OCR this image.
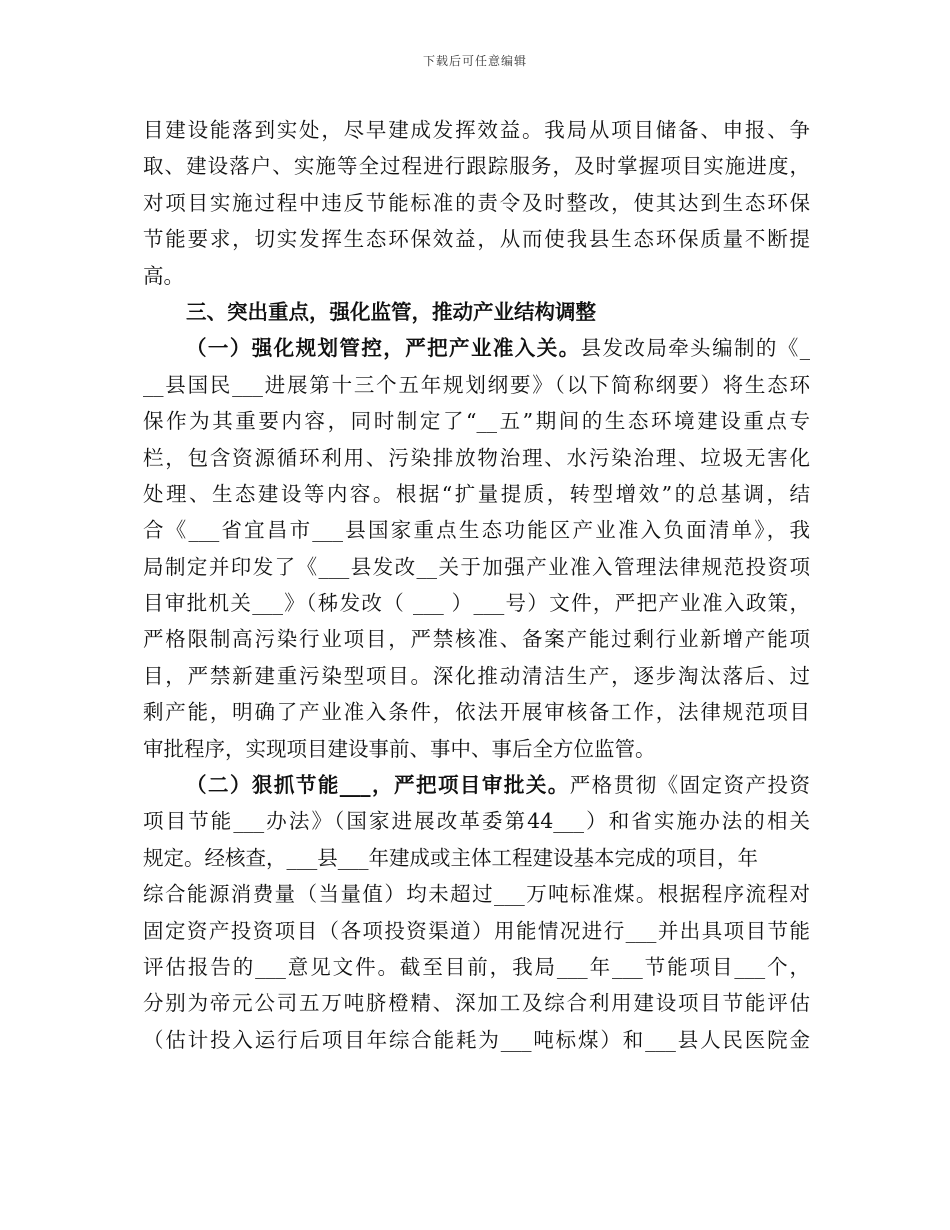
下载后可任意编辑
目建设能落到实处，尽早建成发挥效益。我局从项目储备、申报、争
取、建设落户、实施等全过程进行跟踪服务，及时掌握项目实施进度，
对项目实施过程中违反节能标准的责令及时整改，使其达到生态环保
节能要求，切实发挥生态环保效益，从而使我县生态环保质量不断提
高。
三、突出重点，强化监管，推动产业结构调整
（一）强化规划管控，严把产业准入关。县发改局牵头编制的《_
__县国民___进展第十三个五年规划纲要》（以下简称纲要）将生态环
保作为其重要内容，同时制定了“__五”期间的生态环境建设重点专
栏，包含资源循环利用、污染排放物治理、水污染治理、垃圾无害化
处理、生态建设等内容。根据“扩量提质，转型增效”的总基调，结
合《___省宜昌市___县国家重点生态功能区产业准入负面清单》，我
局制定并印发了《___县发改__关于加强产业准入管理法律规范投资项
目审批机关___》（秭发改（ ___ ）___号）文件，严把产业准入政策，
严格限制高污染行业项目，严禁核准、备案产能过剩行业新增产能项
目，严禁新建重污染型项目。深化推动清洁生产，逐步淘汰落后、过
剩产能，明确了产业准入条件，依法开展审核备工作，法律规范项目
审批程序，实现项目建设事前、事中、事后全方位监管。
（二）狠抓节能___，严把项目审批关。严格贯彻《固定资产投资
项目节能___办法》（国家进展改革委第44___）和省实施办法的相关
规定。经核查，___县___年建成或主体工程建设基本完成的项目，年
综合能源消费量（当量值）均未超过___万吨标准煤。根据程序流程对
固定资产投资项目（各项投资渠道）用能情况进行___并出具项目节能
评估报告的___意见文件。截至目前，我局___年___节能项目___个，
分别为帝元公司五万吨脐橙精、深加工及综合利用建设项目节能评估
（估计投入运行后项目年综合能耗为___吨标煤）和___县人民医院金
